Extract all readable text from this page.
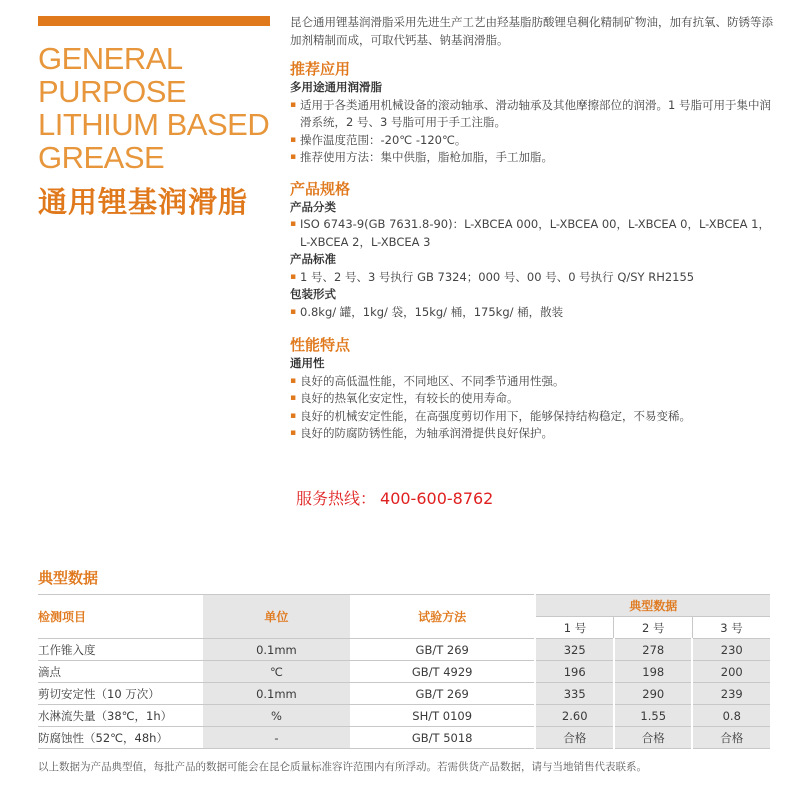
GENERAL
PURPOSE
LITHIUM BASED
GREASE
通用锂基润滑脂

昆仑通用锂基润滑脂采用先进生产工艺由羟基脂肪酸锂皂稠化精制矿物油，加有抗氧、防锈等添加剂精制而成，可取代钙基、钠基润滑脂。

推荐应用
多用途通用润滑脂
▪ 适用于各类通用机械设备的滚动轴承、滑动轴承及其他摩擦部位的润滑。1 号脂可用于集中润滑系统，2 号、3 号脂可用于手工注脂。
▪ 操作温度范围：-20℃ -120℃。
▪ 推荐使用方法：集中供脂，脂枪加脂，手工加脂。
产品规格
产品分类
▪ ISO 6743-9(GB 7631.8-90)：L-XBCEA 000，L-XBCEA 00，L-XBCEA 0，L-XBCEA 1，L-XBCEA 2，L-XBCEA 3
产品标准
▪ 1 号、2 号、3 号执行 GB 7324；000 号、00 号、0 号执行 Q/SY RH2155
包装形式
▪ 0.8kg/ 罐，1kg/ 袋，15kg/ 桶，175kg/ 桶，散装
性能特点
通用性
▪ 良好的高低温性能，不同地区、不同季节通用性强。
▪ 良好的热氧化安定性，有较长的使用寿命。
▪ 良好的机械安定性能，在高强度剪切作用下，能够保持结构稳定，不易变稀。
▪ 良好的防腐防锈性能，为轴承润滑提供良好保护。
服务热线： 400-600-8762
典型数据
检测项目	单位	试验方法	典型数据		
			1 号	2 号	3 号
工作锥入度	0.1mm	GB/T 269	325	278	230
滴点	℃	GB/T 4929	196	198	200
剪切安定性（10 万次）	0.1mm	GB/T 269	335	290	239
水淋流失量（38℃，1h）	%	SH/T 0109	2.60	1.55	0.8
防腐蚀性（52℃，48h）	-	GB/T 5018	合格	合格	合格
以上数据为产品典型值，每批产品的数据可能会在昆仑质量标准容许范围内有所浮动。若需供货产品数据，请与当地销售代表联系。
